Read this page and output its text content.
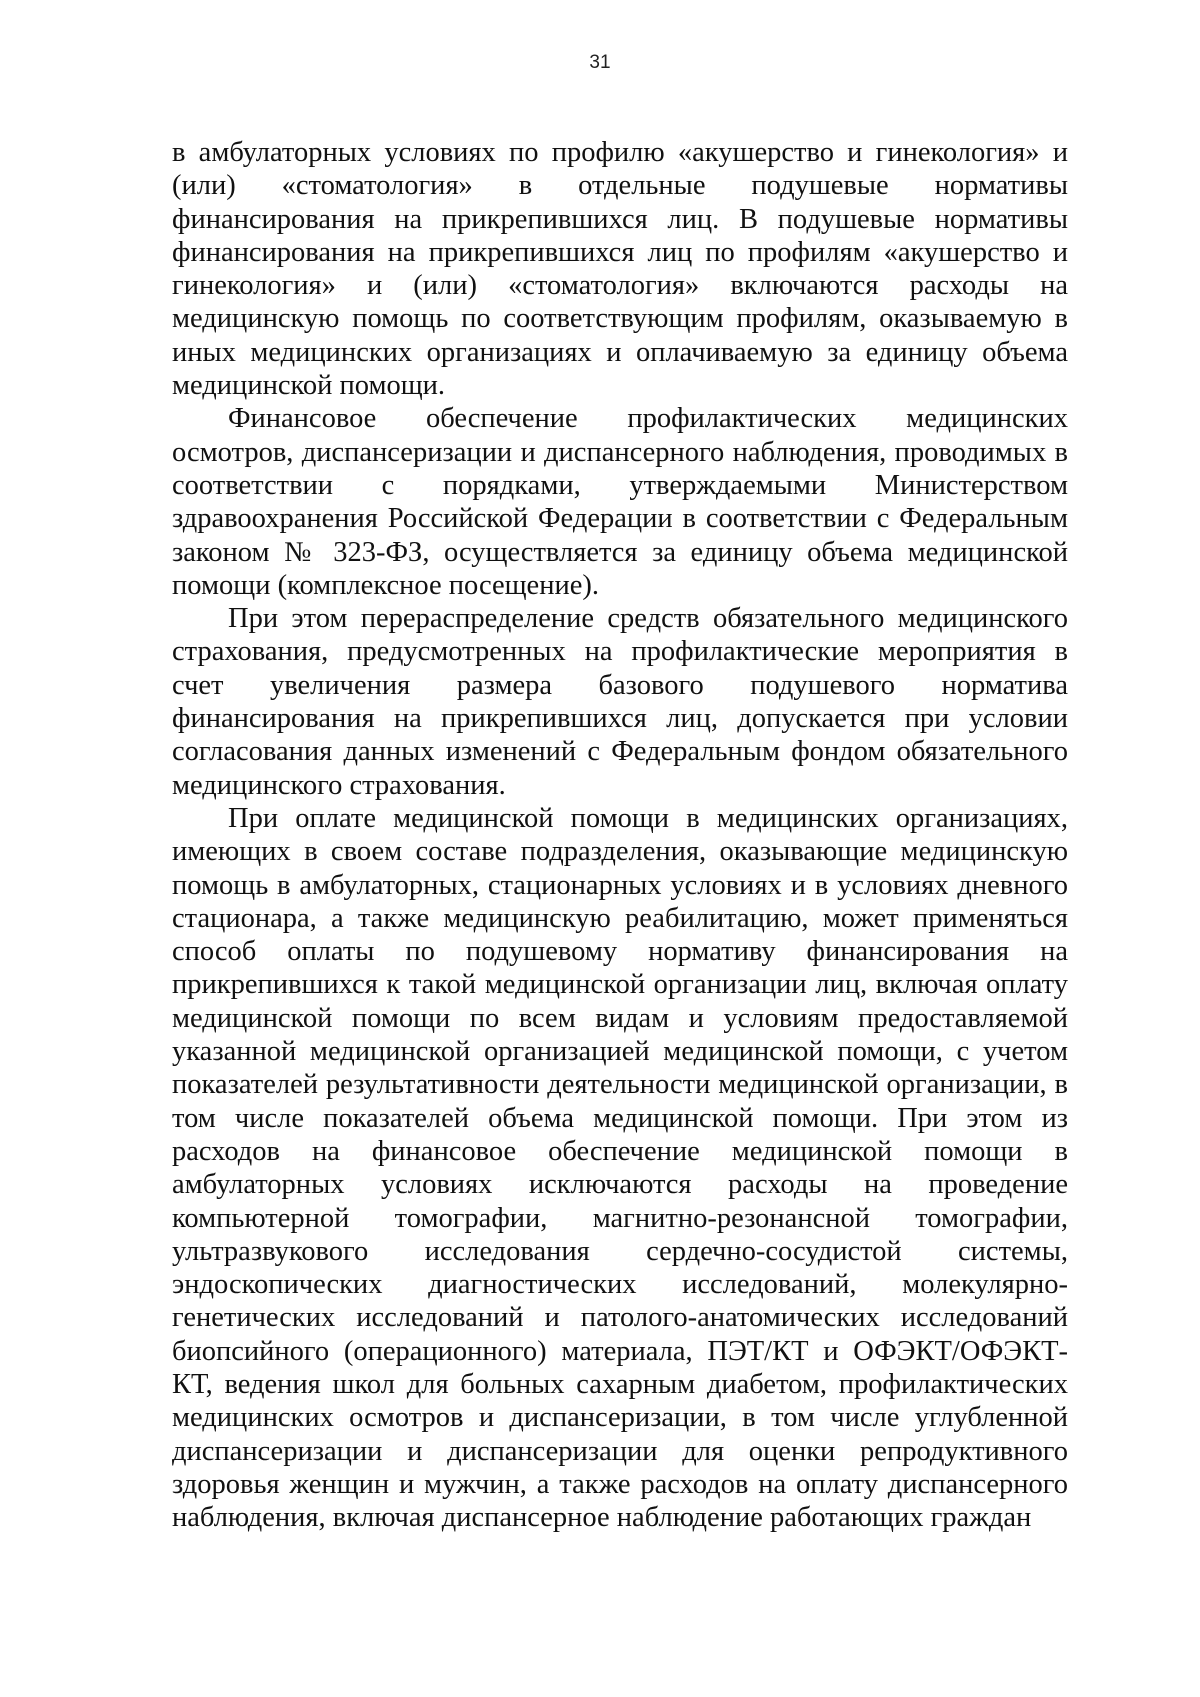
31

в амбулаторных условиях по профилю «акушерство и гинекология» и (или) «стоматология» в отдельные подушевые нормативы финансирования на прикрепившихся лиц. В подушевые нормативы финансирования на прикрепившихся лиц по профилям «акушерство и гинекология» и (или) «стоматология» включаются расходы на медицинскую помощь по соответствующим профилям, оказываемую в иных медицинских организациях и оплачиваемую за единицу объема медицинской помощи.

Финансовое обеспечение профилактических медицинских осмотров, диспансеризации и диспансерного наблюдения, проводимых в соответствии с порядками, утверждаемыми Министерством здравоохранения Российской Федерации в соответствии с Федеральным законом № 323-ФЗ, осуществляется за единицу объема медицинской помощи (комплексное посещение).

При этом перераспределение средств обязательного медицинского страхования, предусмотренных на профилактические мероприятия в счет увеличения размера базового подушевого норматива финансирования на прикрепившихся лиц, допускается при условии согласования данных изменений с Федеральным фондом обязательного медицинского страхования.

При оплате медицинской помощи в медицинских организациях, имеющих в своем составе подразделения, оказывающие медицинскую помощь в амбулаторных, стационарных условиях и в условиях дневного стационара, а также медицинскую реабилитацию, может применяться способ оплаты по подушевому нормативу финансирования на прикрепившихся к такой медицинской организации лиц, включая оплату медицинской помощи по всем видам и условиям предоставляемой указанной медицинской организацией медицинской помощи, с учетом показателей результативности деятельности медицинской организации, в том числе показателей объема медицинской помощи. При этом из расходов на финансовое обеспечение медицинской помощи в амбулаторных условиях исключаются расходы на проведение компьютерной томографии, магнитно-резонансной томографии, ультразвукового исследования сердечно-сосудистой системы, эндоскопических диагностических исследований, молекулярно-генетических исследований и патолого-анатомических исследований биопсийного (операционного) материала, ПЭТ/КТ и ОФЭКТ/ОФЭКТ-КТ, ведения школ для больных сахарным диабетом, профилактических медицинских осмотров и диспансеризации, в том числе углубленной диспансеризации и диспансеризации для оценки репродуктивного здоровья женщин и мужчин, а также расходов на оплату диспансерного наблюдения, включая диспансерное наблюдение работающих граждан
